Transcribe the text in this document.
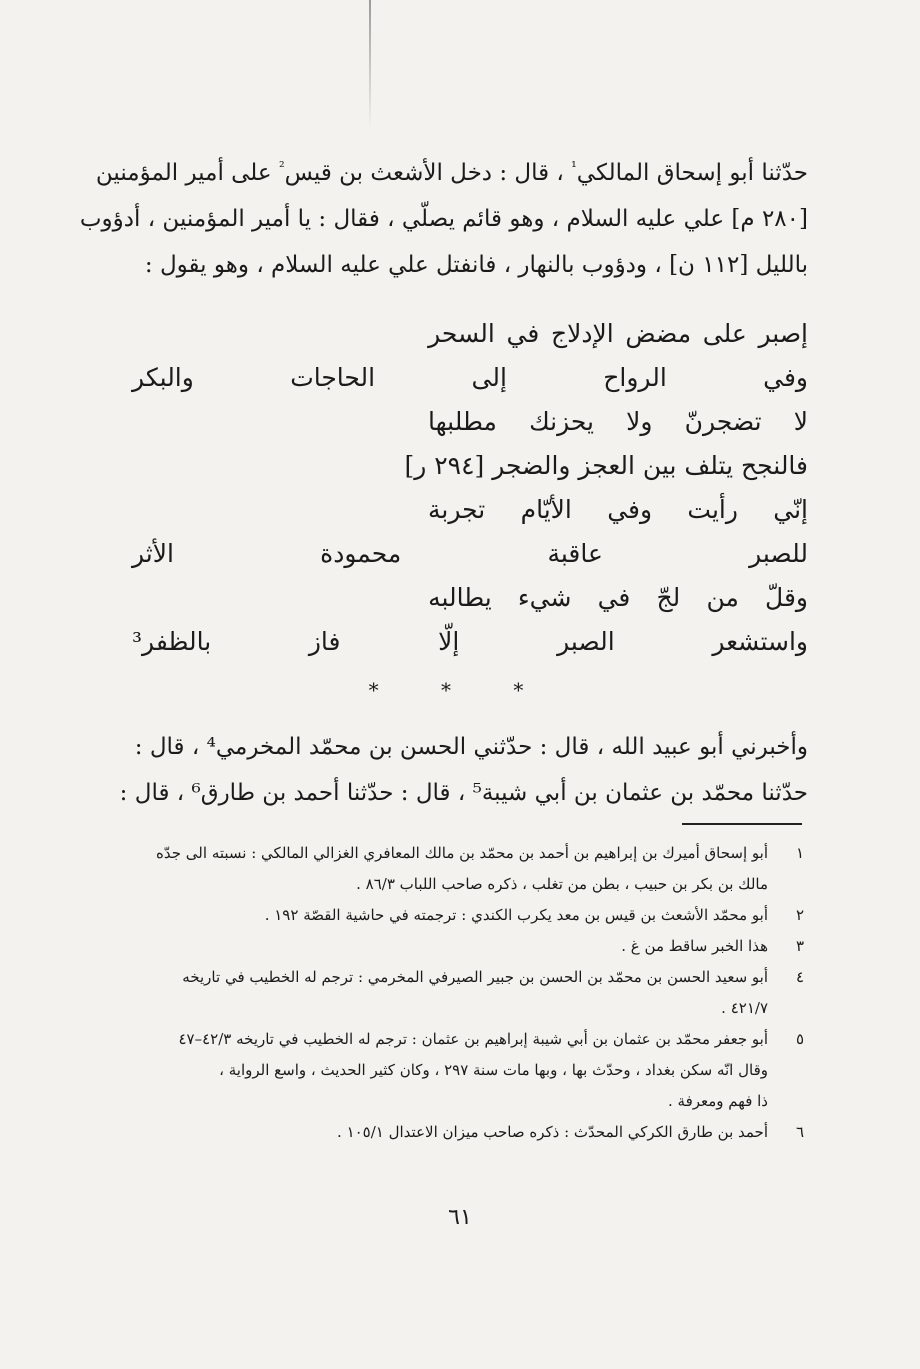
حدّثنا أبو إسحاق المالكي$^{^1}$ ، قال : دخل الأشعث بن قيس$^{^2}$ على أمير المؤمنين
[٢٨٠ م] علي عليه السلام ، وهو قائم يصلّي ، فقال : يا أمير المؤمنين ، أدؤوب
بالليل [١١٢ ن] ، ودؤوب بالنهار ، فانفتل علي عليه السلام ، وهو يقول :
إصبر
على
مضض
الإدلاج
في
السحر
وفي
الرواح
إلى
الحاجات
والبكر
لا
تضجرنّ
ولا
يحزنك
مطلبها
فالنجح يتلف بين العجز والضجر [٢٩٤ ر]
إنّي
رأيت
وفي
الأيّام
تجربة
للصبر
عاقبة
محمودة
الأثر
وقلّ
من
لجّ
في
شيء
يطالبه
واستشعر
الصبر
إلّا
فاز
بالظفر³
* * *
وأخبرني أبو عبيد الله ، قال : حدّثني الحسن بن محمّد المخرمي⁴ ، قال :
حدّثنا محمّد بن عثمان بن أبي شيبة⁵ ، قال : حدّثنا أحمد بن طارق⁶ ، قال :
١
أبو إسحاق أميرك بن إبراهيم بن أحمد بن محمّد بن مالك المعافري الغزالي المالكي : نسبته الى جدّه
مالك بن بكر بن حبيب ، بطن من تغلب ، ذكره صاحب اللباب ٨٦/٣ .
٢
أبو محمّد الأشعث بن قيس بن معد يكرب الكندي : ترجمته في حاشية القصّة ١٩٢ .
٣
هذا الخبر ساقط من غ .
٤
أبو سعيد الحسن بن محمّد بن الحسن بن جبير الصيرفي المخرمي : ترجم له الخطيب في تاريخه
٤٢١/٧ .
٥
أبو جعفر محمّد بن عثمان بن أبي شيبة إبراهيم بن عثمان : ترجم له الخطيب في تاريخه ٤٢/٣–٤٧
وقال انّه سكن بغداد ، وحدّث بها ، وبها مات سنة ٢٩٧ ، وكان كثير الحديث ، واسع الرواية ،
ذا فهم ومعرفة .
٦
أحمد بن طارق الكركي المحدّث : ذكره صاحب ميزان الاعتدال ١٠٥/١ .
٦١
